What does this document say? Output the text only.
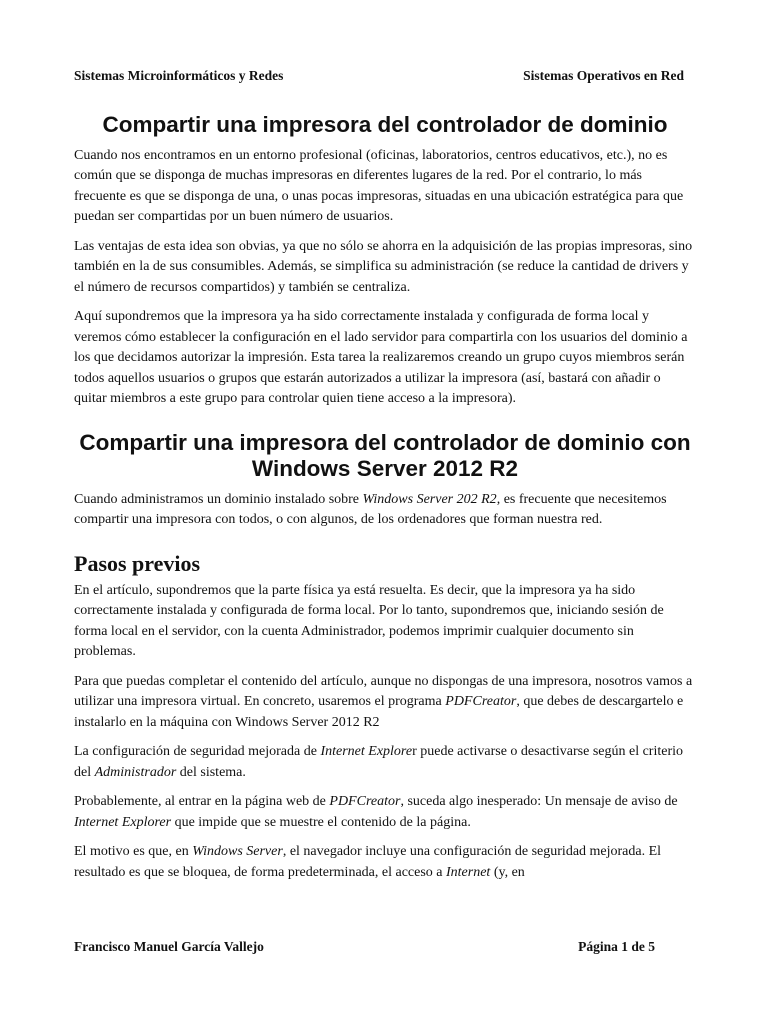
Sistemas Microinformáticos y Redes	Sistemas Operativos en Red
Compartir una impresora del controlador de dominio

Cuando nos encontramos en un entorno profesional (oficinas, laboratorios, centros educativos, etc.), no es común que se disponga de muchas impresoras en diferentes lugares de la red. Por el contrario, lo más frecuente es que se disponga de una, o unas pocas impresoras, situadas en una ubicación estratégica para que puedan ser compartidas por un buen número de usuarios.

Las ventajas de esta idea son obvias, ya que no sólo se ahorra en la adquisición de las propias impresoras, sino también en la de sus consumibles. Además, se simplifica su administración (se reduce la cantidad de drivers y el número de recursos compartidos) y también se centraliza.

Aquí supondremos que la impresora ya ha sido correctamente instalada y configurada de forma local y veremos cómo establecer la configuración en el lado servidor para compartirla con los usuarios del dominio a los que decidamos autorizar la impresión. Esta tarea la realizaremos creando un grupo cuyos miembros serán todos aquellos usuarios o grupos que estarán autorizados a utilizar la impresora (así, bastará con añadir o quitar miembros a este grupo para controlar quien tiene acceso a la impresora).

Compartir una impresora del controlador de dominio con Windows Server 2012 R2

Cuando administramos un dominio instalado sobre Windows Server 202 R2, es frecuente que necesitemos compartir una impresora con todos, o con algunos, de los ordenadores que forman nuestra red.

Pasos previos

En el artículo, supondremos que la parte física ya está resuelta. Es decir, que la impresora ya ha sido correctamente instalada y configurada de forma local. Por lo tanto, supondremos que, iniciando sesión de forma local en el servidor, con la cuenta Administrador, podemos imprimir cualquier documento sin problemas.

Para que puedas completar el contenido del artículo, aunque no dispongas de una impresora, nosotros vamos a utilizar una impresora virtual. En concreto, usaremos el programa PDFCreator, que debes de descargartelo e instalarlo en la máquina con Windows Server 2012 R2

La configuración de seguridad mejorada de Internet Explorer puede activarse o desactivarse según el criterio del Administrador del sistema.

Probablemente, al entrar en la página web de PDFCreator, suceda algo inesperado: Un mensaje de aviso de Internet Explorer que impide que se muestre el contenido de la página.

El motivo es que, en Windows Server, el navegador incluye una configuración de seguridad mejorada. El resultado es que se bloquea, de forma predeterminada, el acceso a Internet (y, en

Francisco Manuel García Vallejo	Página 1 de 5
